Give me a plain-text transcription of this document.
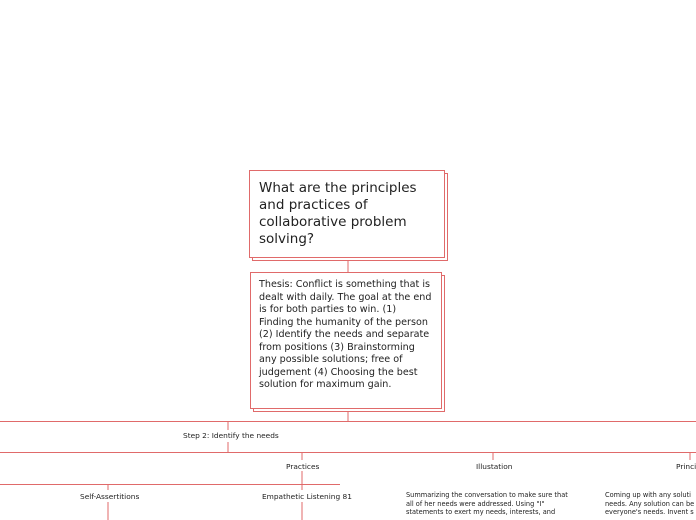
What are the principles and practices of collaborative problem solving?
Thesis: Conflict is something that is dealt with daily. The goal at the end is for both parties to win. (1) Finding the humanity of the person (2) Identify the needs and separate from positions (3) Brainstorming any possible solutions; free of judgement (4) Choosing the best solution for maximum gain.
Step 2: Identify the needs
Practices	Illustation	Princi
Self-Assertitions	Empathetic Listening 81	Summarizing the conversation to make sure that
all of her needs were addressed. Using "I"
statements to exert my needs, interests, and
Coming up with any soluti
needs. Any solution can be
everyone's needs. Invent s
